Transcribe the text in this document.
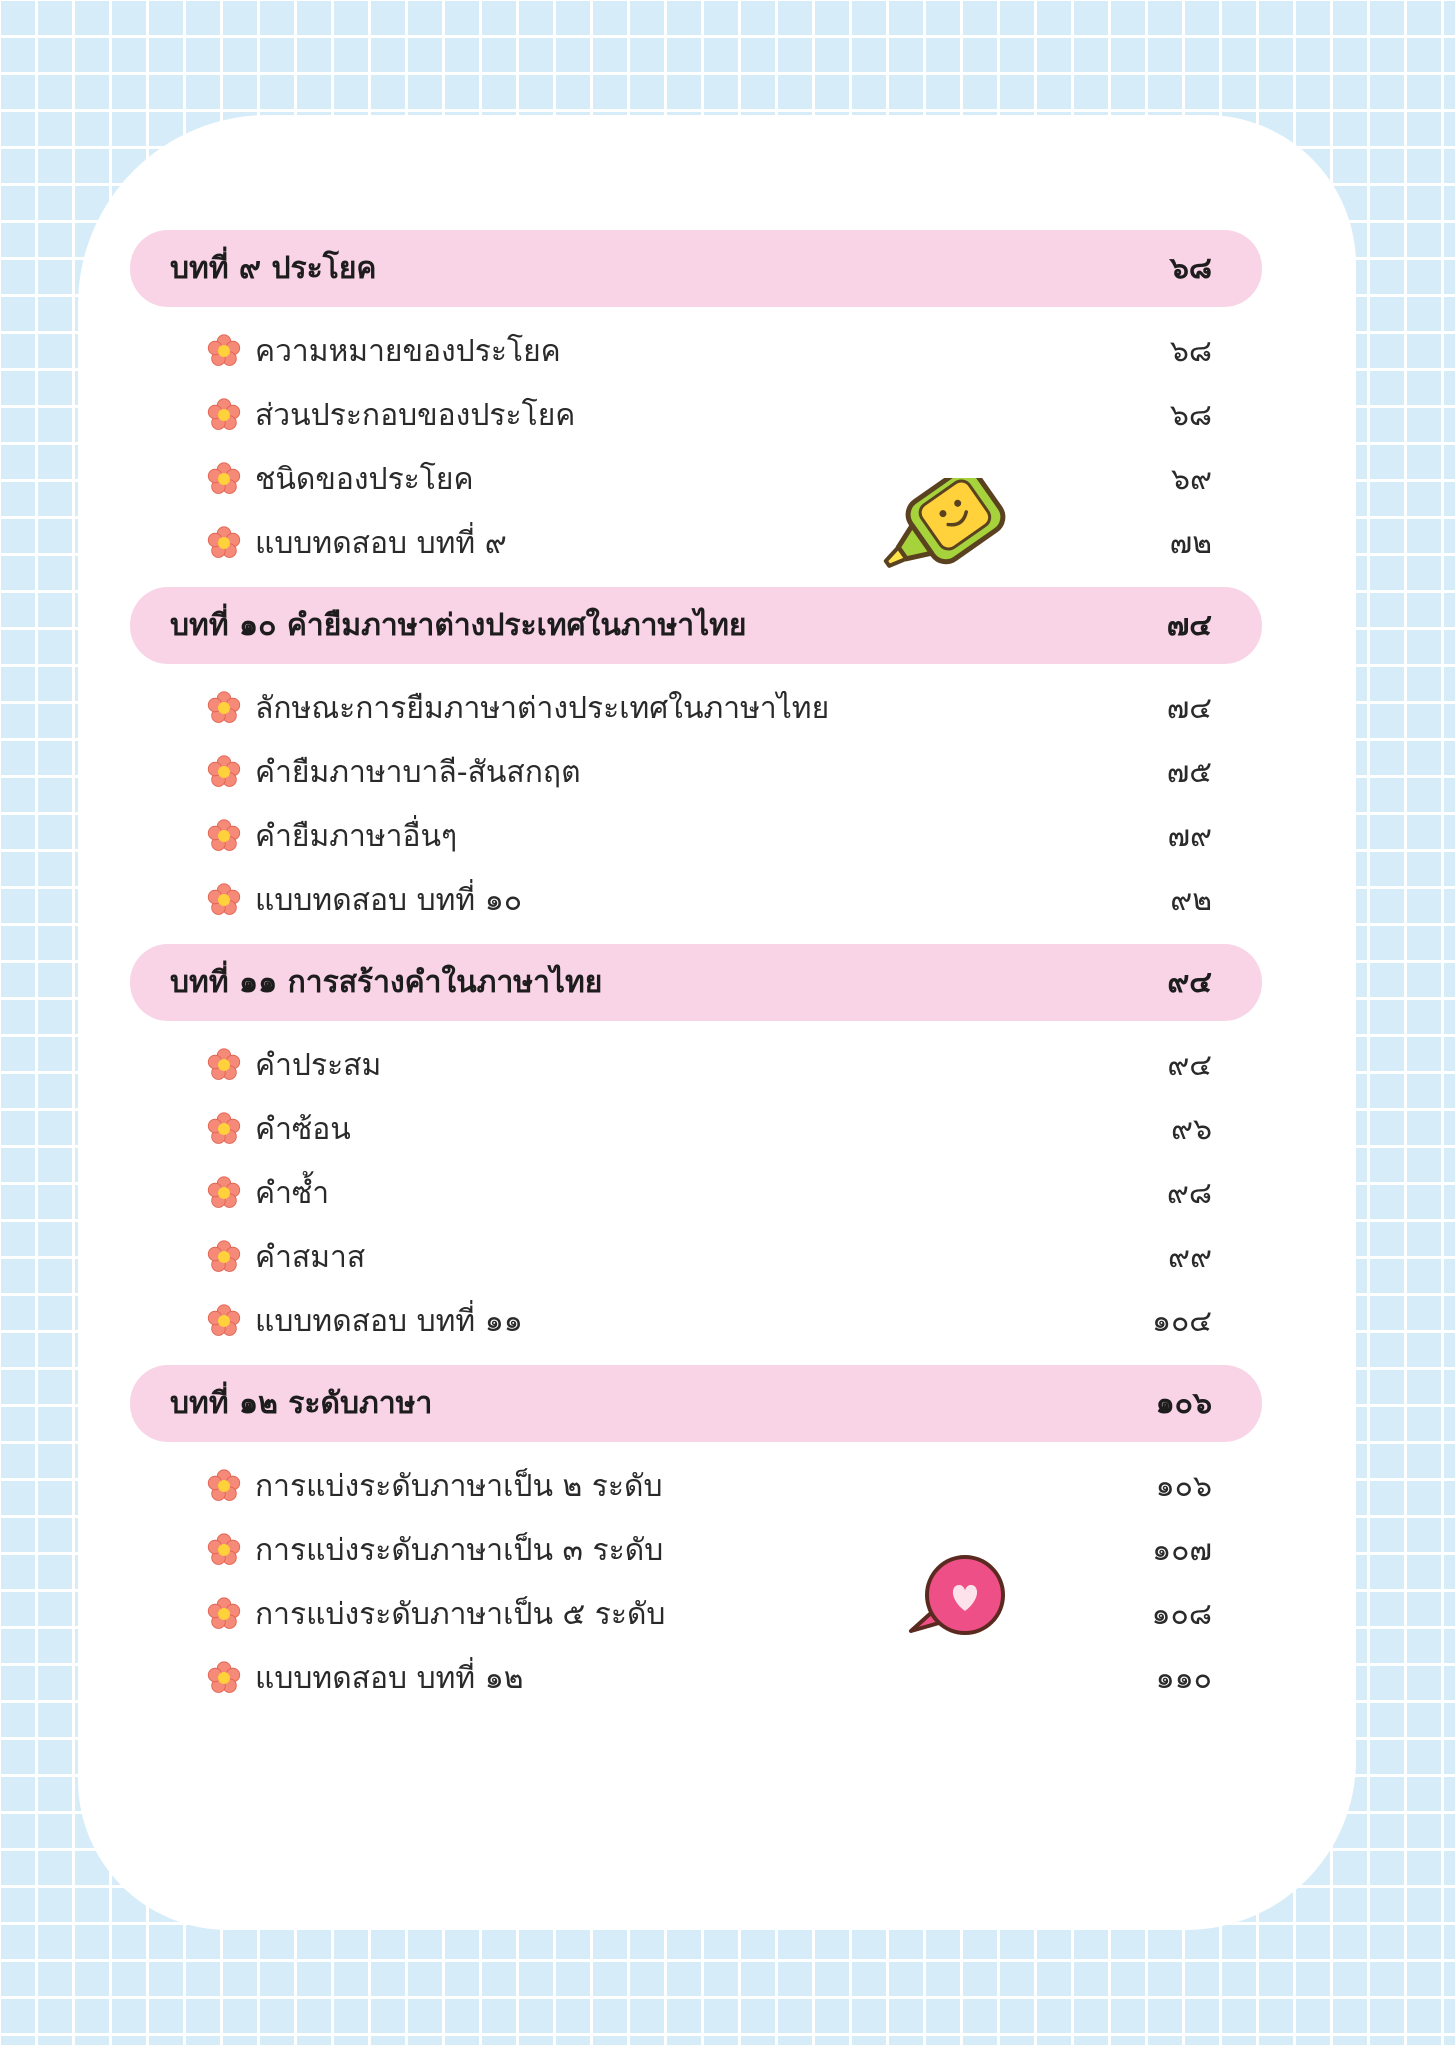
บทที่ ๙ ประโยค	๖๘
ความหมายของประโยค	๖๘
ส่วนประกอบของประโยค	๖๘
ชนิดของประโยค	๖๙
แบบทดสอบ บทที่ ๙	๗๒
บทที่ ๑๐ คำยืมภาษาต่างประเทศในภาษาไทย	๗๔
ลักษณะการยืมภาษาต่างประเทศในภาษาไทย	๗๔
คำยืมภาษาบาลี-สันสกฤต	๗๕
คำยืมภาษาอื่นๆ	๗๙
แบบทดสอบ บทที่ ๑๐	๙๒
บทที่ ๑๑ การสร้างคำในภาษาไทย	๙๔
คำประสม	๙๔
คำซ้อน	๙๖
คำซ้ำ	๙๘
คำสมาส	๙๙
แบบทดสอบ บทที่ ๑๑	๑๐๔
บทที่ ๑๒ ระดับภาษา	๑๐๖
การแบ่งระดับภาษาเป็น ๒ ระดับ	๑๐๖
การแบ่งระดับภาษาเป็น ๓ ระดับ	๑๐๗
การแบ่งระดับภาษาเป็น ๕ ระดับ	๑๐๘
แบบทดสอบ บทที่ ๑๒	๑๑๐
